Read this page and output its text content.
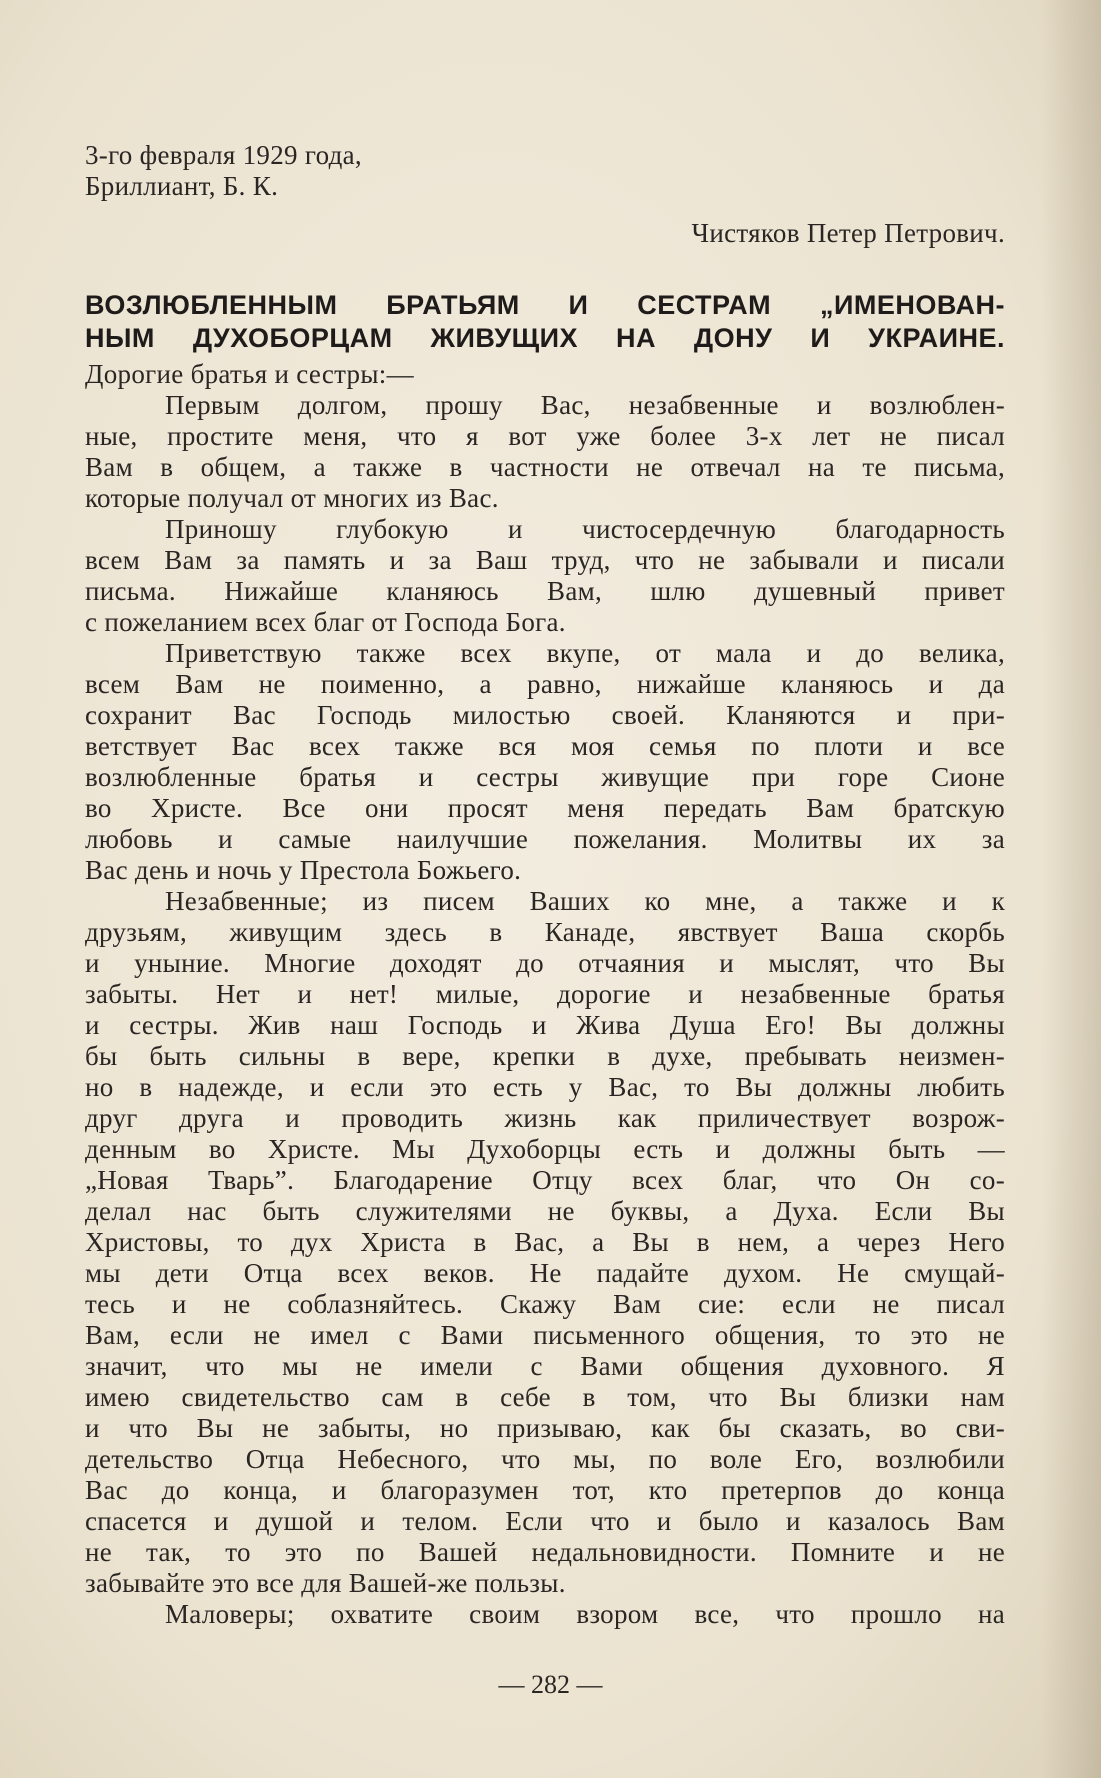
3-го февраля 1929 года,
Бриллиант, Б. К.
Чистяков Петер Петрович.
ВОЗЛЮБЛЕННЫМ БРАТЬЯМ И СЕСТРАМ „ИМЕНОВАН-
НЫМ ДУХОБОРЦАМ ЖИВУЩИХ НА ДОНУ И УКРАИНЕ.
Дорогие братья и сестры:—
Первым долгом, прошу Вас, незабвенные и возлюблен-
ные, простите меня, что я вот уже более 3-х лет не писал
Вам в общем, а также в частности не отвечал на те письма,
которые получал от многих из Вас.
Приношу глубокую и чистосердечную благодарность
всем Вам за память и за Ваш труд, что не забывали и писали
письма. Нижайше кланяюсь Вам, шлю душевный привет
с пожеланием всех благ от Господа Бога.
Приветствую также всех вкупе, от мала и до велика,
всем Вам не поименно, а равно, нижайше кланяюсь и да
сохранит Вас Господь милостью своей. Кланяются и при-
ветствует Вас всех также вся моя семья по плоти и все
возлюбленные братья и сестры живущие при горе Сионе
во Христе. Все они просят меня передать Вам братскую
любовь и самые наилучшие пожелания. Молитвы их за
Вас день и ночь у Престола Божьего.
Незабвенные; из писем Ваших ко мне, а также и к
друзьям, живущим здесь в Канаде, явствует Ваша скорбь
и уныние. Многие доходят до отчаяния и мыслят, что Вы
забыты. Нет и нет! милые, дорогие и незабвенные братья
и сестры. Жив наш Господь и Жива Душа Его! Вы должны
бы быть сильны в вере, крепки в духе, пребывать неизмен-
но в надежде, и если это есть у Вас, то Вы должны любить
друг друга и проводить жизнь как приличествует возрож-
денным во Христе. Мы Духоборцы есть и должны быть —
„Новая Тварь”. Благодарение Отцу всех благ, что Он со-
делал нас быть служителями не буквы, а Духа. Если Вы
Христовы, то дух Христа в Вас, а Вы в нем, а через Него
мы дети Отца всех веков. Не падайте духом. Не смущай-
тесь и не соблазняйтесь. Скажу Вам сие: если не писал
Вам, если не имел с Вами письменного общения, то это не
значит, что мы не имели с Вами общения духовного. Я
имею свидетельство сам в себе в том, что Вы близки нам
и что Вы не забыты, но призываю, как бы сказать, во сви-
детельство Отца Небесного, что мы, по воле Его, возлюбили
Вас до конца, и благоразумен тот, кто претерпов до конца
спасется и душой и телом. Если что и было и казалось Вам
не так, то это по Вашей недальновидности. Помните и не
забывайте это все для Вашей-же пользы.
Маловеры; охватите своим взором все, что прошло на
— 282 —
